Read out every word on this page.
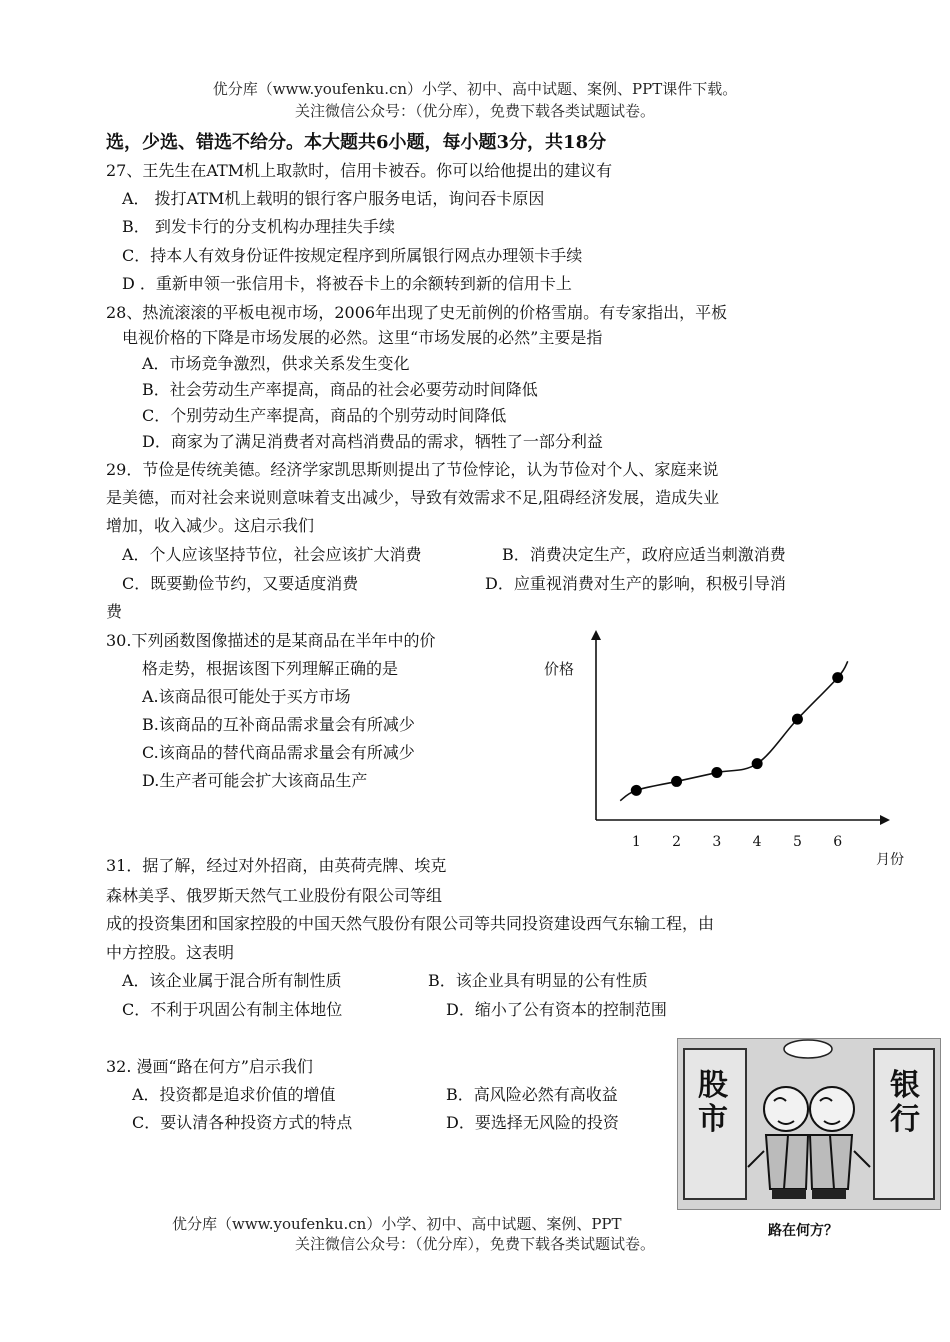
优分库（www.youfenku.cn）小学、初中、高中试题、案例、PPT课件下载。
关注微信公众号：（优分库），免费下载各类试题试卷。
选，少选、错选不给分。本大题共6小题，每小题3分，共18分
27、王先生在ATM机上取款时，信用卡被吞。你可以给他提出的建议有
A． 拨打ATM机上载明的银行客户服务电话，询问吞卡原因
B． 到发卡行的分支机构办理挂失手续
C．持本人有效身份证件按规定程序到所属银行网点办理领卡手续
D ．重新申领一张信用卡，将被吞卡上的余额转到新的信用卡上
28、热流滚滚的平板电视市场，2006年出现了史无前例的价格雪崩。有专家指出，平板
电视价格的下降是市场发展的必然。这里“市场发展的必然”主要是指
A．市场竞争激烈，供求关系发生变化
B．社会劳动生产率提高，商品的社会必要劳动时间降低
C．个别劳动生产率提高，商品的个别劳动时间降低
D．商家为了满足消费者对高档消费品的需求，牺牲了一部分利益
29．节俭是传统美德。经济学家凯思斯则提出了节俭悖论，认为节俭对个人、家庭来说
是美德，而对社会来说则意味着支出减少，导致有效需求不足,阻碍经济发展，造成失业
增加，收入减少。这启示我们
A．个人应该坚持节位，社会应该扩大消费	B．消费决定生产，政府应适当刺激消费
C．既要勤俭节约，又要适度消费	D．应重视消费对生产的影响，积极引导消
费
30.下列函数图像描述的是某商品在半年中的价
格走势，根据该图下列理解正确的是
A.该商品很可能处于买方市场
B.该商品的互补商品需求量会有所减少
C.该商品的替代商品需求量会有所减少
D.生产者可能会扩大该商品生产
价格
月份
1 2 3 4 5 6
31．据了解，经过对外招商，由英荷壳牌、埃克
森林美孚、俄罗斯天然气工业股份有限公司等组
成的投资集团和国家控股的中国天然气股份有限公司等共同投资建设西气东输工程，由
中方控股。这表明
A．该企业属于混合所有制性质	B．该企业具有明显的公有性质
C．不利于巩固公有制主体地位	D．缩小了公有资本的控制范围
32. 漫画“路在何方”启示我们
A．投资都是追求价值的增值	B．高风险必然有高收益
C．要认清各种投资方式的特点	D．要选择无风险的投资
股市
银行
路在何方？
优分库（www.youfenku.cn）小学、初中、高中试题、案例、PPT
关注微信公众号：（优分库），免费下载各类试题试卷。
